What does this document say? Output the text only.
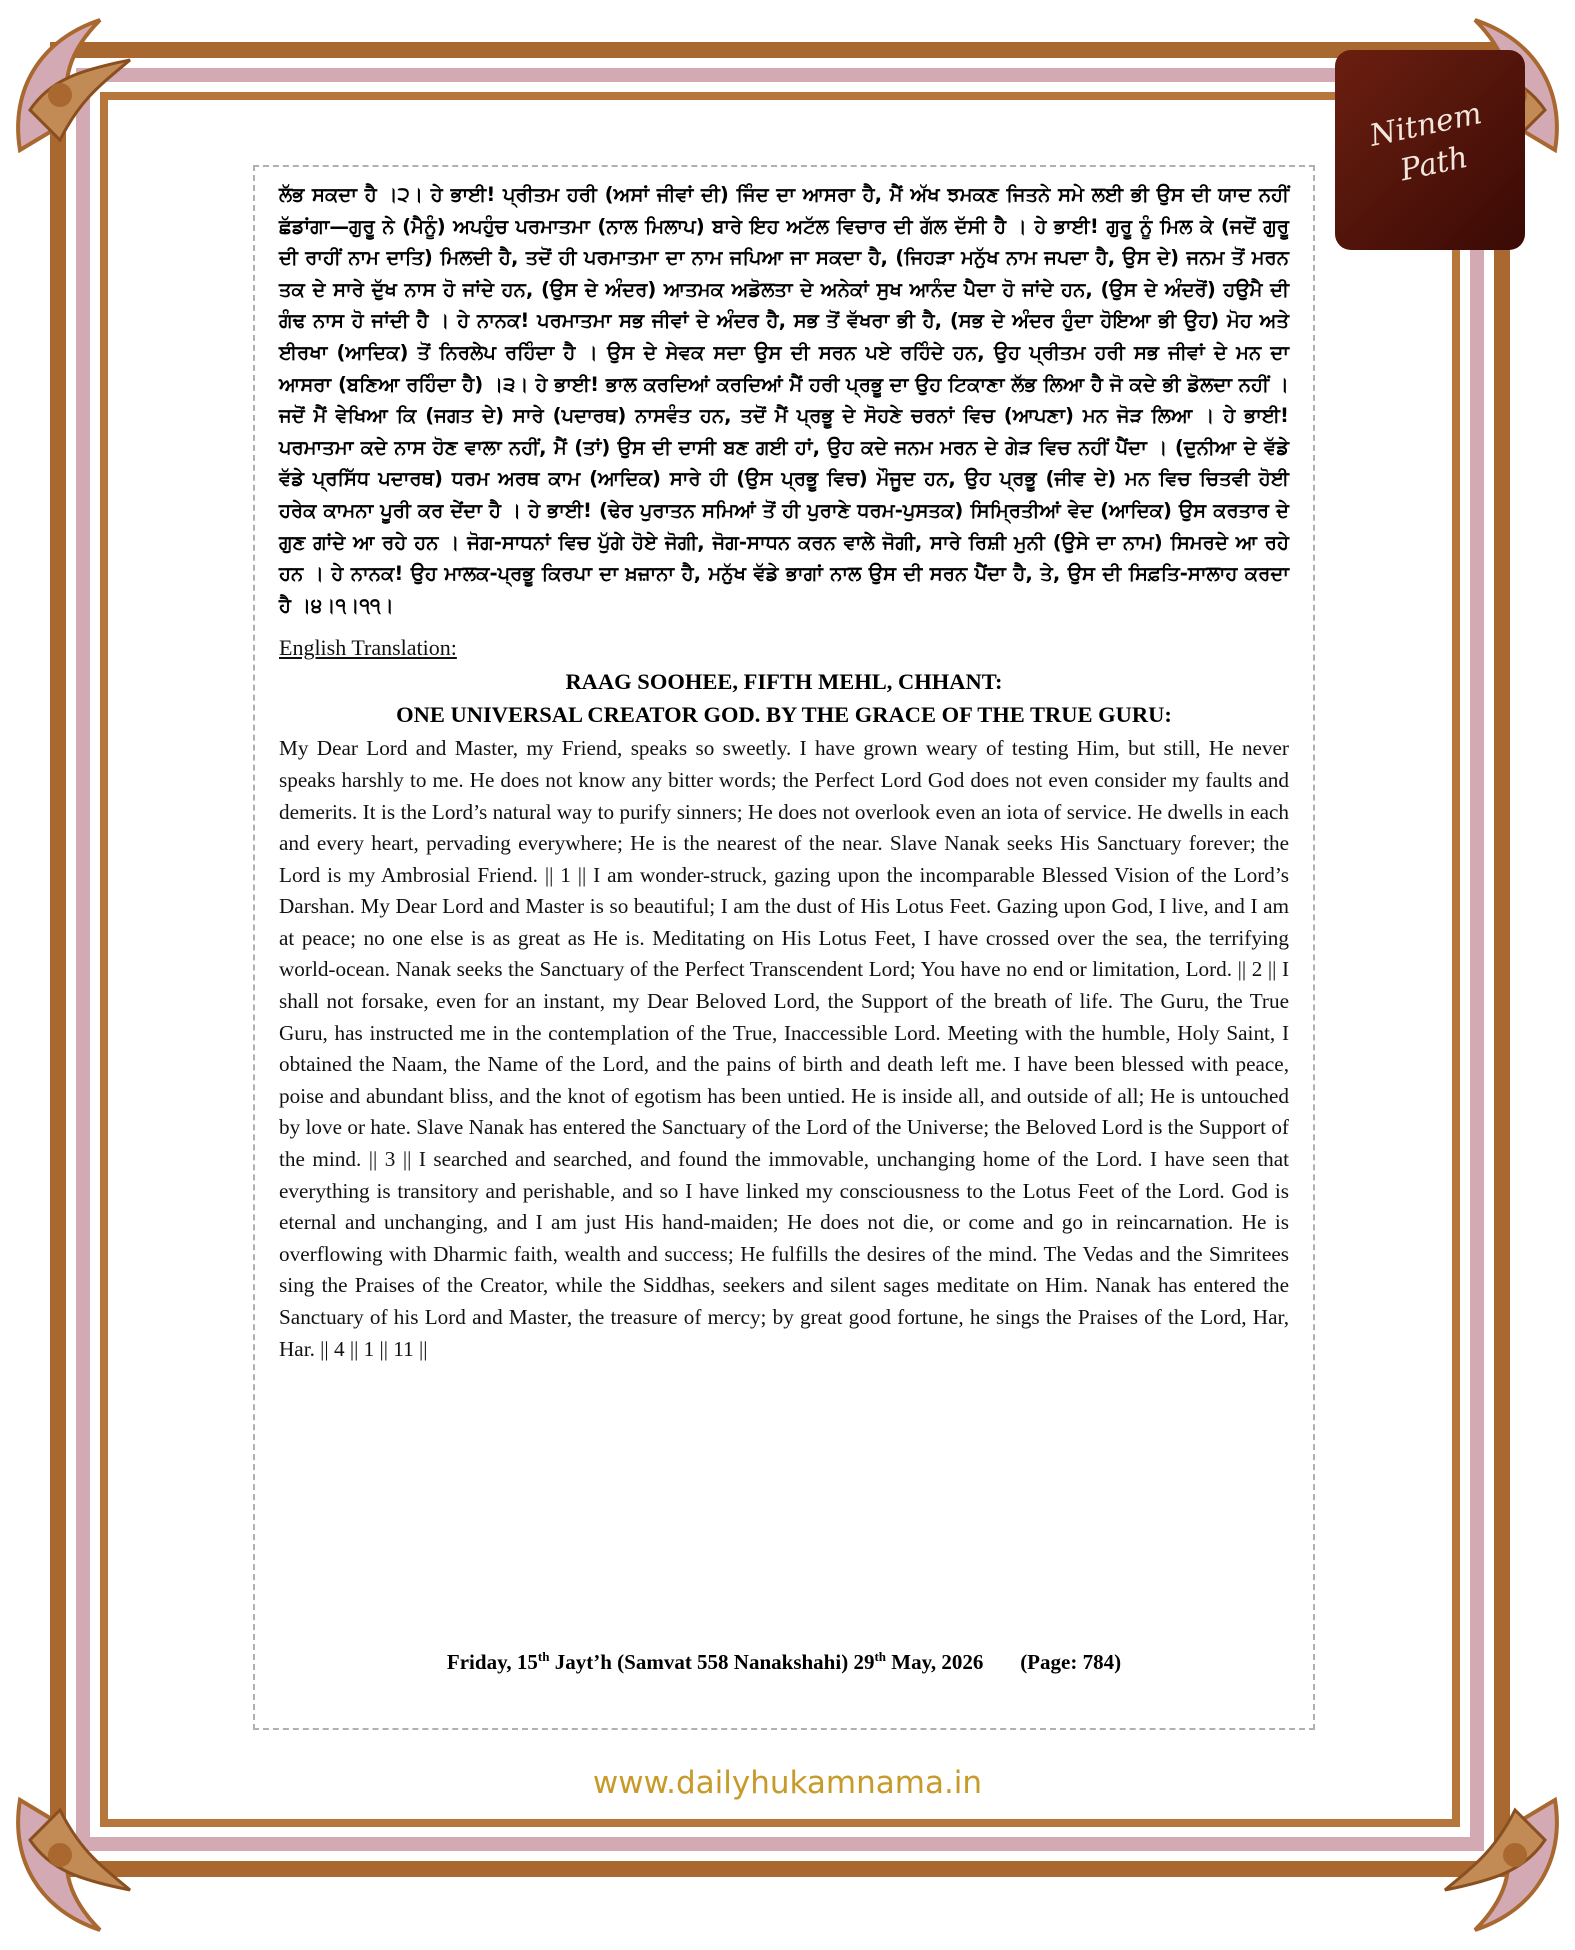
Nitnem
Path

ਲੱਭ ਸਕਦਾ ਹੈ ।੨। ਹੇ ਭਾਈ! ਪ੍ਰੀਤਮ ਹਰੀ (ਅਸਾਂ ਜੀਵਾਂ ਦੀ) ਜਿੰਦ ਦਾ ਆਸਰਾ ਹੈ, ਮੈਂ ਅੱਖ ਝਮਕਣ ਜਿਤਨੇ ਸਮੇ ਲਈ ਭੀ ਉਸ ਦੀ ਯਾਦ ਨਹੀਂ ਛੱਡਾਂਗਾ—ਗੁਰੂ ਨੇ (ਮੈਨੂੰ) ਅਪਹੁੰਚ ਪਰਮਾਤਮਾ (ਨਾਲ ਮਿਲਾਪ) ਬਾਰੇ ਇਹ ਅਟੱਲ ਵਿਚਾਰ ਦੀ ਗੱਲ ਦੱਸੀ ਹੈ । ਹੇ ਭਾਈ! ਗੁਰੂ ਨੂੰ ਮਿਲ ਕੇ (ਜਦੋਂ ਗੁਰੂ ਦੀ ਰਾਹੀਂ ਨਾਮ ਦਾਤਿ) ਮਿਲਦੀ ਹੈ, ਤਦੋਂ ਹੀ ਪਰਮਾਤਮਾ ਦਾ ਨਾਮ ਜਪਿਆ ਜਾ ਸਕਦਾ ਹੈ, (ਜਿਹੜਾ ਮਨੁੱਖ ਨਾਮ ਜਪਦਾ ਹੈ, ਉਸ ਦੇ) ਜਨਮ ਤੋਂ ਮਰਨ ਤਕ ਦੇ ਸਾਰੇ ਦੁੱਖ ਨਾਸ ਹੋ ਜਾਂਦੇ ਹਨ, (ਉਸ ਦੇ ਅੰਦਰ) ਆਤਮਕ ਅਡੋਲਤਾ ਦੇ ਅਨੇਕਾਂ ਸੁਖ ਆਨੰਦ ਪੈਦਾ ਹੋ ਜਾਂਦੇ ਹਨ, (ਉਸ ਦੇ ਅੰਦਰੋਂ) ਹਉਮੈ ਦੀ ਗੰਢ ਨਾਸ ਹੋ ਜਾਂਦੀ ਹੈ । ਹੇ ਨਾਨਕ! ਪਰਮਾਤਮਾ ਸਭ ਜੀਵਾਂ ਦੇ ਅੰਦਰ ਹੈ, ਸਭ ਤੋਂ ਵੱਖਰਾ ਭੀ ਹੈ, (ਸਭ ਦੇ ਅੰਦਰ ਹੁੰਦਾ ਹੋਇਆ ਭੀ ਉਹ) ਮੋਹ ਅਤੇ ਈਰਖਾ (ਆਦਿਕ) ਤੋਂ ਨਿਰਲੇਪ ਰਹਿੰਦਾ ਹੈ । ਉਸ ਦੇ ਸੇਵਕ ਸਦਾ ਉਸ ਦੀ ਸਰਨ ਪਏ ਰਹਿੰਦੇ ਹਨ, ਉਹ ਪ੍ਰੀਤਮ ਹਰੀ ਸਭ ਜੀਵਾਂ ਦੇ ਮਨ ਦਾ ਆਸਰਾ (ਬਣਿਆ ਰਹਿੰਦਾ ਹੈ) ।੩। ਹੇ ਭਾਈ! ਭਾਲ ਕਰਦਿਆਂ ਕਰਦਿਆਂ ਮੈਂ ਹਰੀ ਪ੍ਰਭੂ ਦਾ ਉਹ ਟਿਕਾਣਾ ਲੱਭ ਲਿਆ ਹੈ ਜੋ ਕਦੇ ਭੀ ਡੋਲਦਾ ਨਹੀਂ । ਜਦੋਂ ਮੈਂ ਵੇਖਿਆ ਕਿ (ਜਗਤ ਦੇ) ਸਾਰੇ (ਪਦਾਰਥ) ਨਾਸਵੰਤ ਹਨ, ਤਦੋਂ ਮੈਂ ਪ੍ਰਭੂ ਦੇ ਸੋਹਣੇ ਚਰਨਾਂ ਵਿਚ (ਆਪਣਾ) ਮਨ ਜੋੜ ਲਿਆ । ਹੇ ਭਾਈ! ਪਰਮਾਤਮਾ ਕਦੇ ਨਾਸ ਹੋਣ ਵਾਲਾ ਨਹੀਂ, ਮੈਂ (ਤਾਂ) ਉਸ ਦੀ ਦਾਸੀ ਬਣ ਗਈ ਹਾਂ, ਉਹ ਕਦੇ ਜਨਮ ਮਰਨ ਦੇ ਗੇੜ ਵਿਚ ਨਹੀਂ ਪੈਂਦਾ । (ਦੁਨੀਆ ਦੇ ਵੱਡੇ ਵੱਡੇ ਪ੍ਰਸਿੱਧ ਪਦਾਰਥ) ਧਰਮ ਅਰਥ ਕਾਮ (ਆਦਿਕ) ਸਾਰੇ ਹੀ (ਉਸ ਪ੍ਰਭੂ ਵਿਚ) ਮੌਜੂਦ ਹਨ, ਉਹ ਪ੍ਰਭੂ (ਜੀਵ ਦੇ) ਮਨ ਵਿਚ ਚਿਤਵੀ ਹੋਈ ਹਰੇਕ ਕਾਮਨਾ ਪੂਰੀ ਕਰ ਦੇਂਦਾ ਹੈ । ਹੇ ਭਾਈ! (ਢੇਰ ਪੁਰਾਤਨ ਸਮਿਆਂ ਤੋਂ ਹੀ ਪੁਰਾਣੇ ਧਰਮ-ਪੁਸਤਕ) ਸਿਮ੍ਰਿਤੀਆਂ ਵੇਦ (ਆਦਿਕ) ਉਸ ਕਰਤਾਰ ਦੇ ਗੁਣ ਗਾਂਦੇ ਆ ਰਹੇ ਹਨ । ਜੋਗ-ਸਾਧਨਾਂ ਵਿਚ ਪੁੱਗੇ ਹੋਏ ਜੋਗੀ, ਜੋਗ-ਸਾਧਨ ਕਰਨ ਵਾਲੇ ਜੋਗੀ, ਸਾਰੇ ਰਿਸ਼ੀ ਮੁਨੀ (ਉਸੇ ਦਾ ਨਾਮ) ਸਿਮਰਦੇ ਆ ਰਹੇ ਹਨ । ਹੇ ਨਾਨਕ! ਉਹ ਮਾਲਕ-ਪ੍ਰਭੂ ਕਿਰਪਾ ਦਾ ਖ਼ਜ਼ਾਨਾ ਹੈ, ਮਨੁੱਖ ਵੱਡੇ ਭਾਗਾਂ ਨਾਲ ਉਸ ਦੀ ਸਰਨ ਪੈਂਦਾ ਹੈ, ਤੇ, ਉਸ ਦੀ ਸਿਫ਼ਤਿ-ਸਾਲਾਹ ਕਰਦਾ ਹੈ ।੪।੧।੧੧।

English Translation:

RAAG SOOHEE, FIFTH MEHL, CHHANT:

ONE UNIVERSAL CREATOR GOD. BY THE GRACE OF THE TRUE GURU:

My Dear Lord and Master, my Friend, speaks so sweetly. I have grown weary of testing Him, but still, He never speaks harshly to me. He does not know any bitter words; the Perfect Lord God does not even consider my faults and demerits. It is the Lord’s natural way to purify sinners; He does not overlook even an iota of service. He dwells in each and every heart, pervading everywhere; He is the nearest of the near. Slave Nanak seeks His Sanctuary forever; the Lord is my Ambrosial Friend. || 1 || I am wonder-struck, gazing upon the incomparable Blessed Vision of the Lord’s Darshan. My Dear Lord and Master is so beautiful; I am the dust of His Lotus Feet. Gazing upon God, I live, and I am at peace; no one else is as great as He is. Meditating on His Lotus Feet, I have crossed over the sea, the terrifying world-ocean. Nanak seeks the Sanctuary of the Perfect Transcendent Lord; You have no end or limitation, Lord. || 2 || I shall not forsake, even for an instant, my Dear Beloved Lord, the Support of the breath of life. The Guru, the True Guru, has instructed me in the contemplation of the True, Inaccessible Lord. Meeting with the humble, Holy Saint, I obtained the Naam, the Name of the Lord, and the pains of birth and death left me. I have been blessed with peace, poise and abundant bliss, and the knot of egotism has been untied. He is inside all, and outside of all; He is untouched by love or hate. Slave Nanak has entered the Sanctuary of the Lord of the Universe; the Beloved Lord is the Support of the mind. || 3 || I searched and searched, and found the immovable, unchanging home of the Lord. I have seen that everything is transitory and perishable, and so I have linked my consciousness to the Lotus Feet of the Lord. God is eternal and unchanging, and I am just His hand-maiden; He does not die, or come and go in reincarnation. He is overflowing with Dharmic faith, wealth and success; He fulfills the desires of the mind. The Vedas and the Simritees sing the Praises of the Creator, while the Siddhas, seekers and silent sages meditate on Him. Nanak has entered the Sanctuary of his Lord and Master, the treasure of mercy; by great good fortune, he sings the Praises of the Lord, Har, Har. || 4 || 1 || 11 ||

Friday, 15th Jayt’h (Samvat 558 Nanakshahi) 29th May, 2026 (Page: 784)
www.dailyhukamnama.in
